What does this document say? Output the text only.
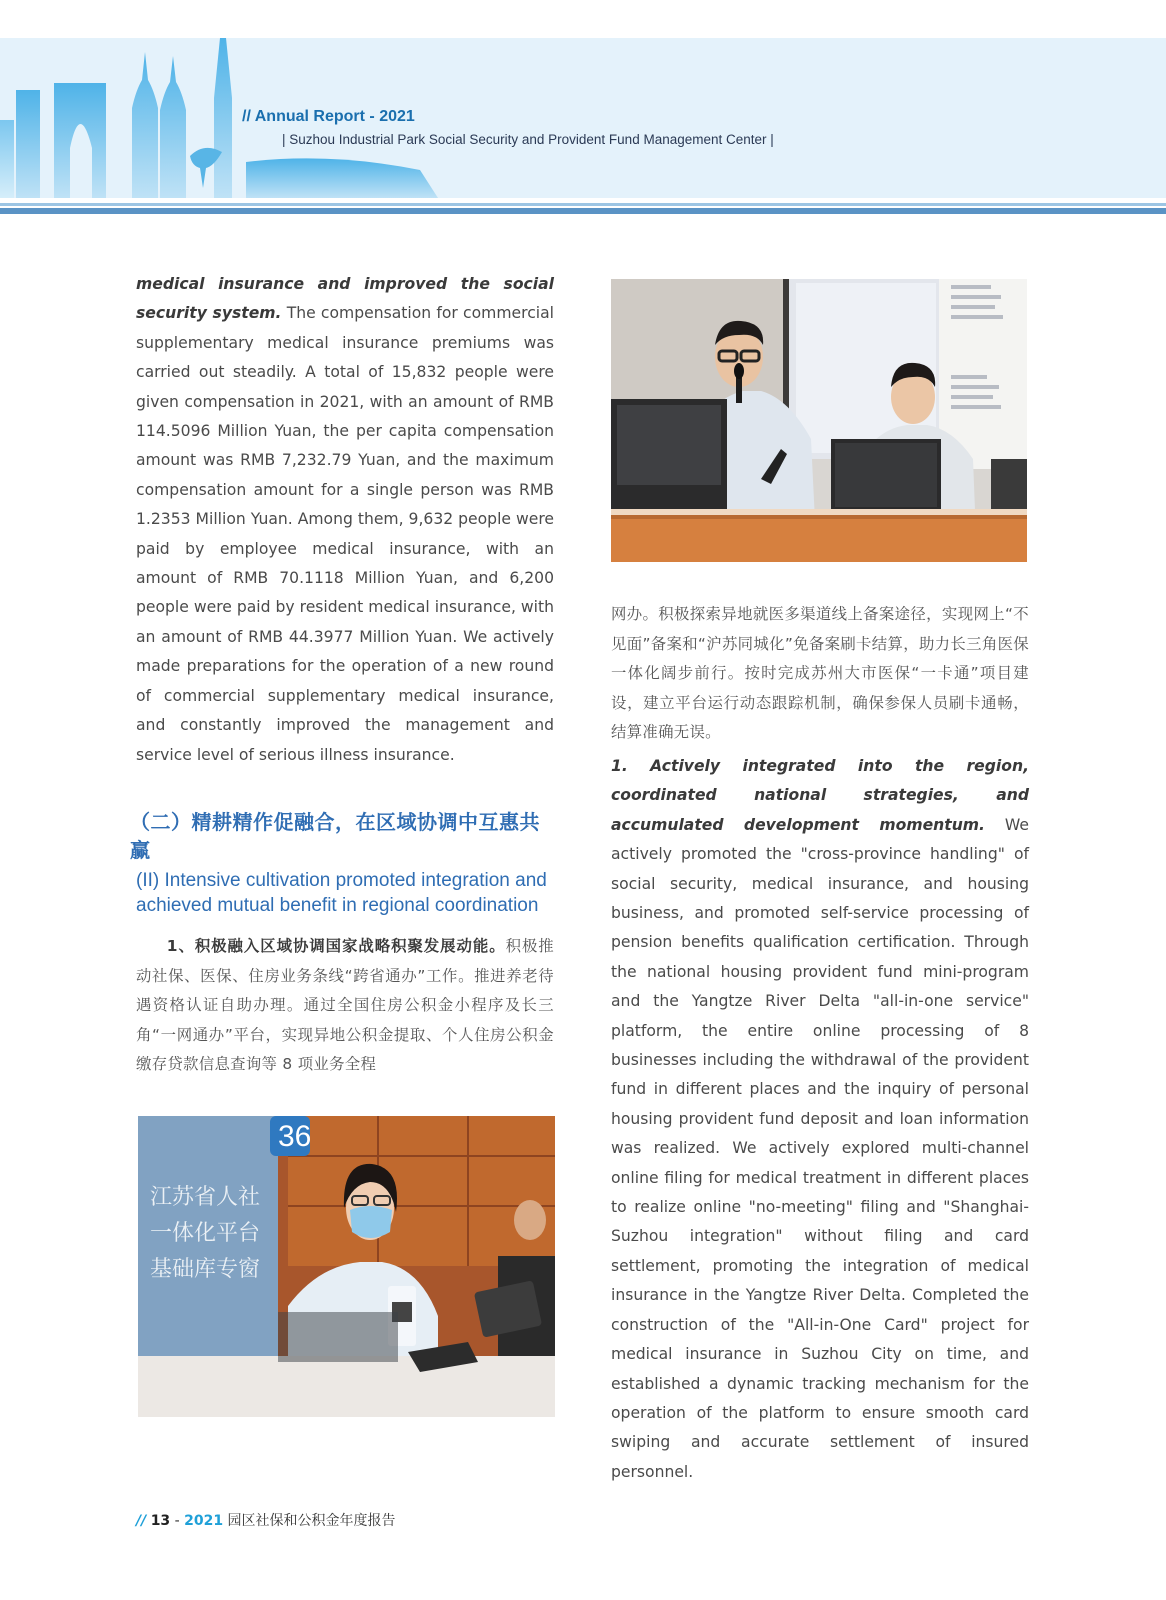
// Annual Report - 2021
| Suzhou Industrial Park Social Security and Provident Fund Management Center |

medical insurance and improved the social security system. The compensation for commercial supplementary medical insurance premiums was carried out steadily. A total of 15,832 people were given compensation in 2021, with an amount of RMB 114.5096 Million Yuan, the per capita compensation amount was RMB 7,232.79 Yuan, and the maximum compensation amount for a single person was RMB 1.2353 Million Yuan. Among them, 9,632 people were paid by employee medical insurance, with an amount of RMB 70.1118 Million Yuan, and 6,200 people were paid by resident medical insurance, with an amount of RMB 44.3977 Million Yuan. We actively made preparations for the operation of a new round of commercial supplementary medical insurance, and constantly improved the management and service level of serious illness insurance.

（二）精耕精作促融合，在区域协调中互惠共赢
(II) Intensive cultivation promoted integration and achieved mutual benefit in regional coordination

1、积极融入区域协调国家战略积聚发展动能。积极推动社保、医保、住房业务条线“跨省通办”工作。推进养老待遇资格认证自助办理。通过全国住房公积金小程序及长三角“一网通办”平台，实现异地公积金提取、个人住房公积金缴存贷款信息查询等 8 项业务全程

网办。积极探索异地就医多渠道线上备案途径，实现网上“不见面”备案和“沪苏同城化”免备案刷卡结算，助力长三角医保一体化阔步前行。按时完成苏州大市医保“一卡通”项目建设，建立平台运行动态跟踪机制，确保参保人员刷卡通畅，结算准确无误。

1. Actively integrated into the region, coordinated national strategies, and accumulated development momentum. We actively promoted the "cross-province handling" of social security, medical insurance, and housing business, and promoted self-service processing of pension benefits qualification certification. Through the national housing provident fund mini-program and the Yangtze River Delta "all-in-one service" platform, the entire online processing of 8 businesses including the withdrawal of the provident fund in different places and the inquiry of personal housing provident fund deposit and loan information was realized. We actively explored multi-channel online filing for medical treatment in different places to realize online "no-meeting" filing and "Shanghai-Suzhou integration" without filing and card settlement, promoting the integration of medical insurance in the Yangtze River Delta. Completed the construction of the "All-in-One Card" project for medical insurance in Suzhou City on time, and established a dynamic tracking mechanism for the operation of the platform to ensure smooth card swiping and accurate settlement of insured personnel.

36
江苏省人社
一体化平台
基础库专窗
// 13 - 2021 园区社保和公积金年度报告
